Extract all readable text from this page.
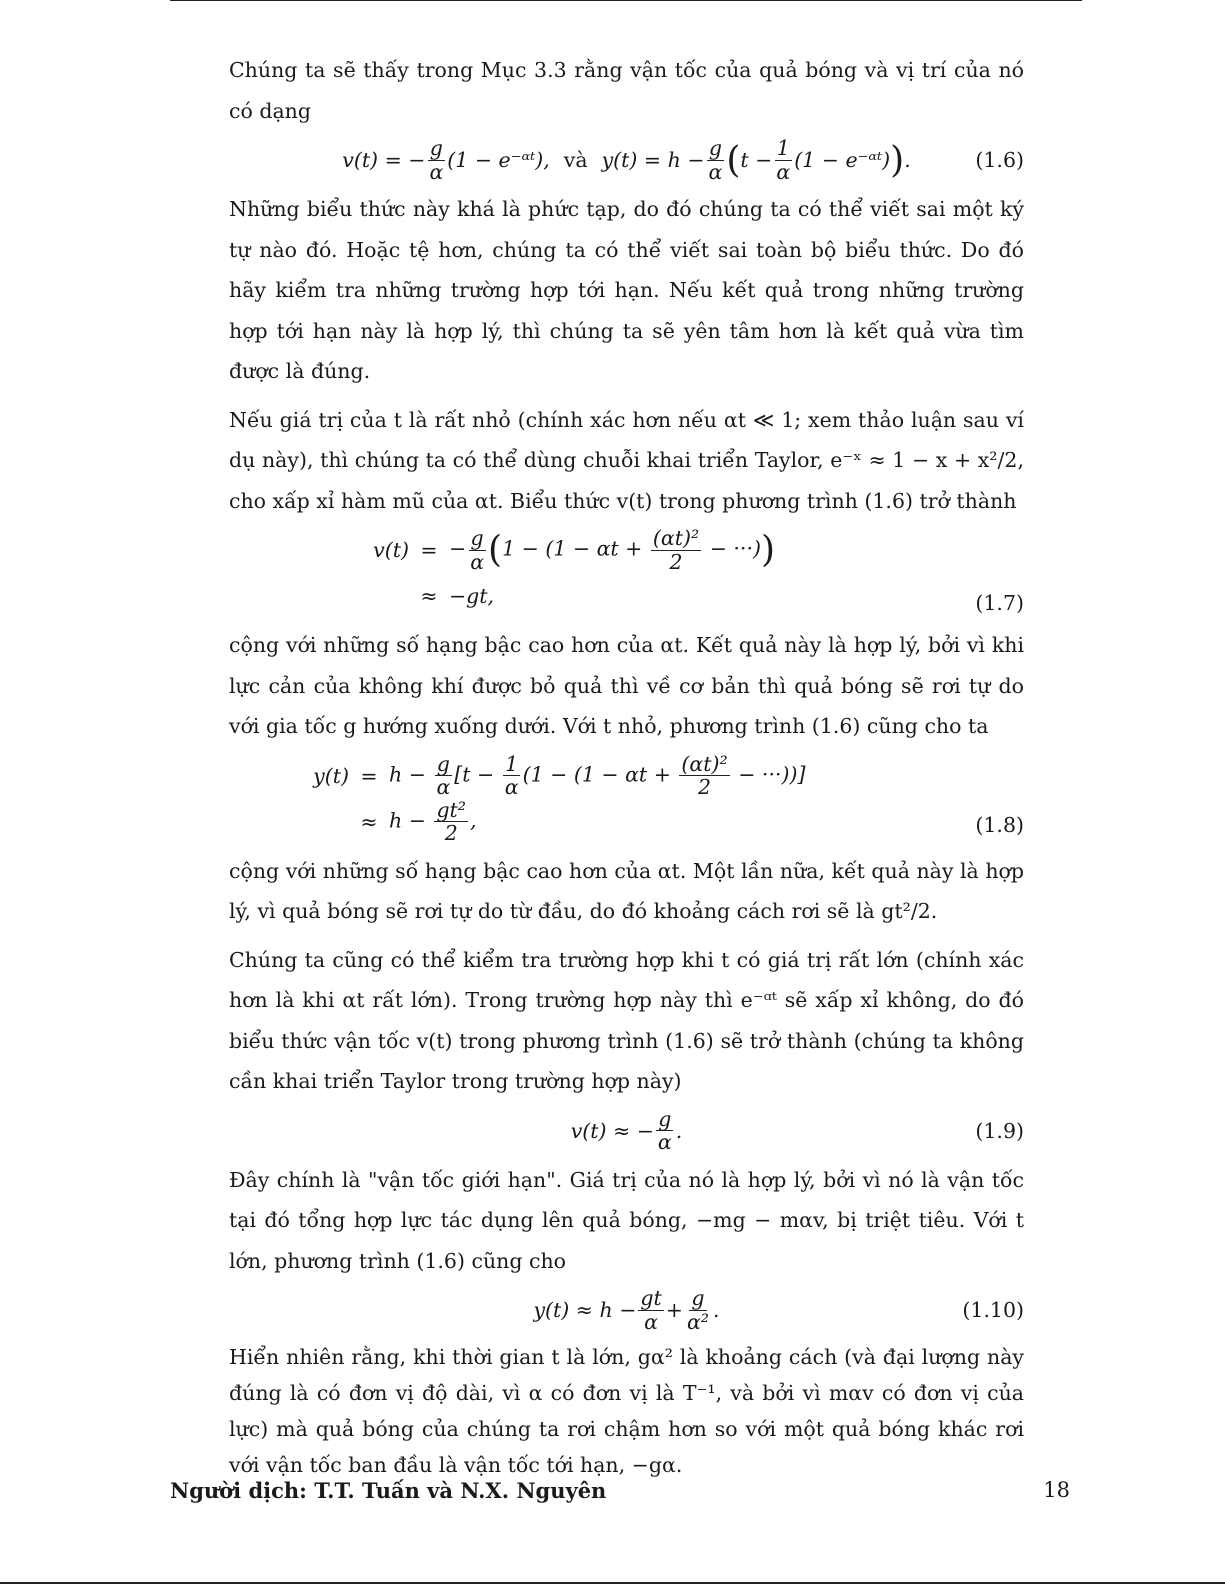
Chúng ta sẽ thấy trong Mục 3.3 rằng vận tốc của quả bóng và vị trí của nó có dạng

v(t) = − $\frac{g}{\alpha} (1$ − e⁻ᵅᵗ), và $y(t) = h - \frac{g}{\alpha}$ ( $t - \frac{1}{\alpha} (1$ − e⁻ᵅᵗ) ) .	(1.6)

Những biểu thức này khá là phức tạp, do đó chúng ta có thể viết sai một ký tự nào đó. Hoặc tệ hơn, chúng ta có thể viết sai toàn bộ biểu thức. Do đó hãy kiểm tra những trường hợp tới hạn. Nếu kết quả trong những trường hợp tới hạn này là hợp lý, thì chúng ta sẽ yên tâm hơn là kết quả vừa tìm được là đúng.

Nếu giá trị của t là rất nhỏ (chính xác hơn nếu αt ≪ 1; xem thảo luận sau ví dụ này), thì chúng ta có thể dùng chuỗi khai triển Taylor, e⁻ˣ ≈ 1 − x + x²/2, cho xấp xỉ hàm mũ của αt. Biểu thức v(t) trong phương trình (1.6) trở thành

v(t) = − $\frac{g}{\alpha} (1 - (1 - \alpha t + \frac{\text{(αt)²}}{2}$ − ···))
≈ −gt,	(1.7)

cộng với những số hạng bậc cao hơn của αt. Kết quả này là hợp lý, bởi vì khi lực cản của không khí được bỏ quả thì về cơ bản thì quả bóng sẽ rơi tự do với gia tốc g hướng xuống dưới. Với t nhỏ, phương trình (1.6) cũng cho ta

$y(t) = h - \frac{g}{\alpha} [t - \frac{1}{\alpha} (1 - (1 - \alpha t + \frac{\text{(αt)²}}{2}$ − ···))]
≈ $h - \frac{\text{gt²}}{2}$ ,	(1.8)

cộng với những số hạng bậc cao hơn của αt. Một lần nữa, kết quả này là hợp lý, vì quả bóng sẽ rơi tự do từ đầu, do đó khoảng cách rơi sẽ là gt²/2.

Chúng ta cũng có thể kiểm tra trường hợp khi t có giá trị rất lớn (chính xác hơn là khi αt rất lớn). Trong trường hợp này thì e⁻ᵅᵗ sẽ xấp xỉ không, do đó biểu thức vận tốc v(t) trong phương trình (1.6) sẽ trở thành (chúng ta không cần khai triển Taylor trong trường hợp này)

v(t) ≈ − $\frac{g}{\alpha}$ .	(1.9)

Đây chính là "vận tốc giới hạn". Giá trị của nó là hợp lý, bởi vì nó là vận tốc tại đó tổng hợp lực tác dụng lên quả bóng, −mg − mαv, bị triệt tiêu. Với t lớn, phương trình (1.6) cũng cho

$y(t) \approx h - \frac{gt}{\alpha} + \frac{g}{\text{α²}}$ .	(1.10)

Hiển nhiên rằng, khi thời gian t là lớn, gα² là khoảng cách (và đại lượng này đúng là có đơn vị độ dài, vì α có đơn vị là T⁻¹, và bởi vì mαv có đơn vị của lực) mà quả bóng của chúng ta rơi chậm hơn so với một quả bóng khác rơi với vận tốc ban đầu là vận tốc tới hạn, −gα.

Người dịch: T.T. Tuấn và N.X. Nguyên	18
